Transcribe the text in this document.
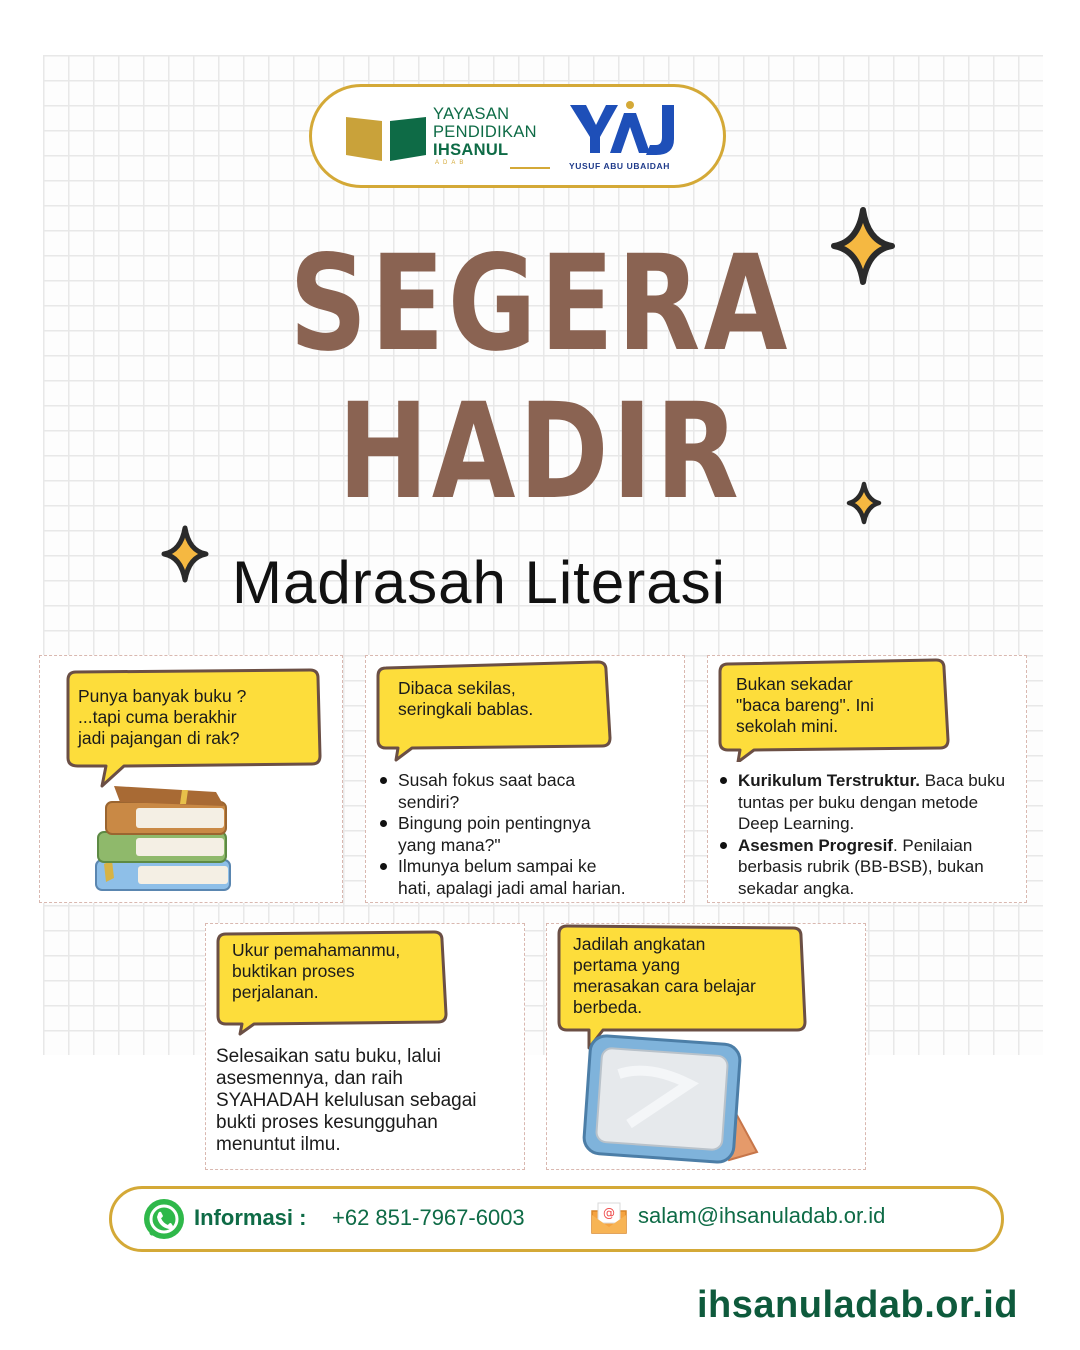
YAYASAN
PENDIDIKAN
IHSANUL
ADAB	YUSUF ABU UBAIDAH
SEGERA
HADIR
Madrasah Literasi
Punya banyak buku ?
...tapi cuma berakhir
jadi pajangan di rak?
Dibaca sekilas,
seringkali bablas.
Susah fokus saat baca
sendiri?
Bingung poin pentingnya
yang mana?"
Ilmunya belum sampai ke
hati, apalagi jadi amal harian.
Bukan sekadar
"baca bareng". Ini
sekolah mini.
Kurikulum Terstruktur. Baca buku
tuntas per buku dengan metode
Deep Learning.
Asesmen Progresif. Penilaian
berbasis rubrik (BB-BSB), bukan
sekadar angka.
Ukur pemahamanmu,
buktikan proses
perjalanan.
Selesaikan satu buku, lalui
asesmennya, dan raih
SYAHADAH kelulusan sebagai
bukti proses kesungguhan
menuntut ilmu.
Jadilah angkatan
pertama yang
merasakan cara belajar
berbeda.
Informasi : +62 851-7967-6003	@ salam@ihsanuladab.or.id
ihsanuladab.or.id
